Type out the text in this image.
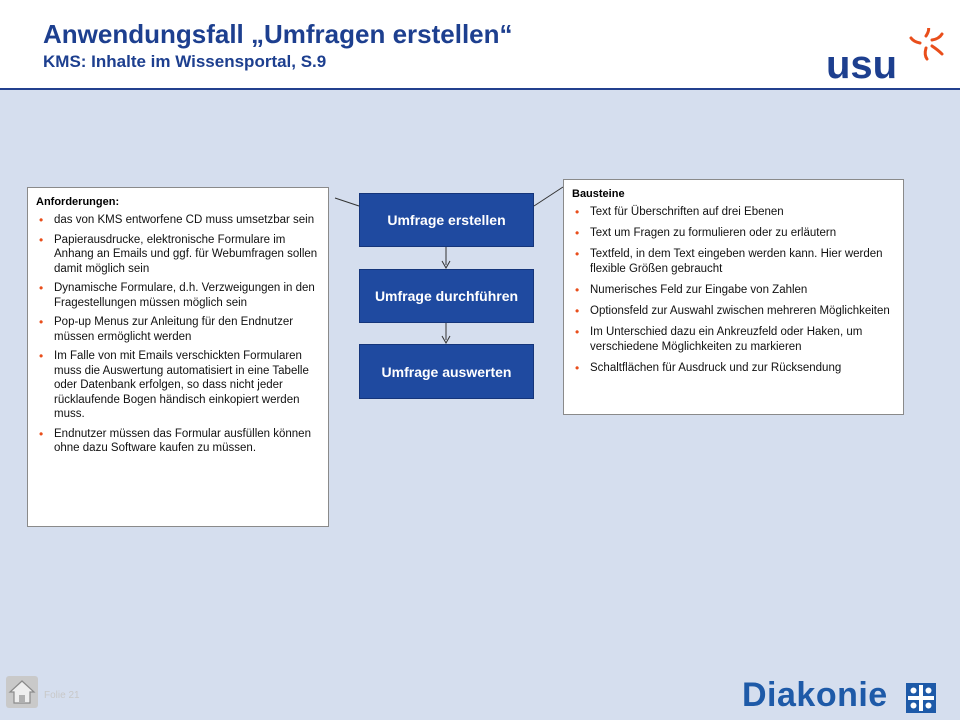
Anwendungsfall „Umfragen erstellen“
KMS: Inhalte im Wissensportal, S.9	usu
Anforderungen:
• das von KMS entworfene CD muss umsetzbar sein
• Papierausdrucke, elektronische Formulare im Anhang an Emails und ggf. für Webumfragen sollen damit möglich sein
• Dynamische Formulare, d.h. Verzweigungen in den Fragestellungen müssen möglich sein
• Pop-up Menus zur Anleitung für den Endnutzer müssen ermöglicht werden
• Im Falle von mit Emails verschickten Formularen muss die Auswertung automatisiert in eine Tabelle oder Datenbank erfolgen, so dass nicht jeder rücklaufende Bogen händisch einkopiert werden muss.
• Endnutzer müssen das Formular ausfüllen können ohne dazu Software kaufen zu müssen.
Umfrage erstellen
Umfrage durchführen
Umfrage auswerten
Bausteine
• Text für Überschriften auf drei Ebenen
• Text um Fragen zu formulieren oder zu erläutern
• Textfeld, in dem Text eingeben werden kann. Hier werden flexible Größen gebraucht
• Numerisches Feld zur Eingabe von Zahlen
• Optionsfeld zur Auswahl zwischen mehreren Möglichkeiten
• Im Unterschied dazu ein Ankreuzfeld oder Haken, um verschiedene Möglichkeiten zu markieren
• Schaltflächen für Ausdruck und zur Rücksendung
Folie 21	Diakonie
